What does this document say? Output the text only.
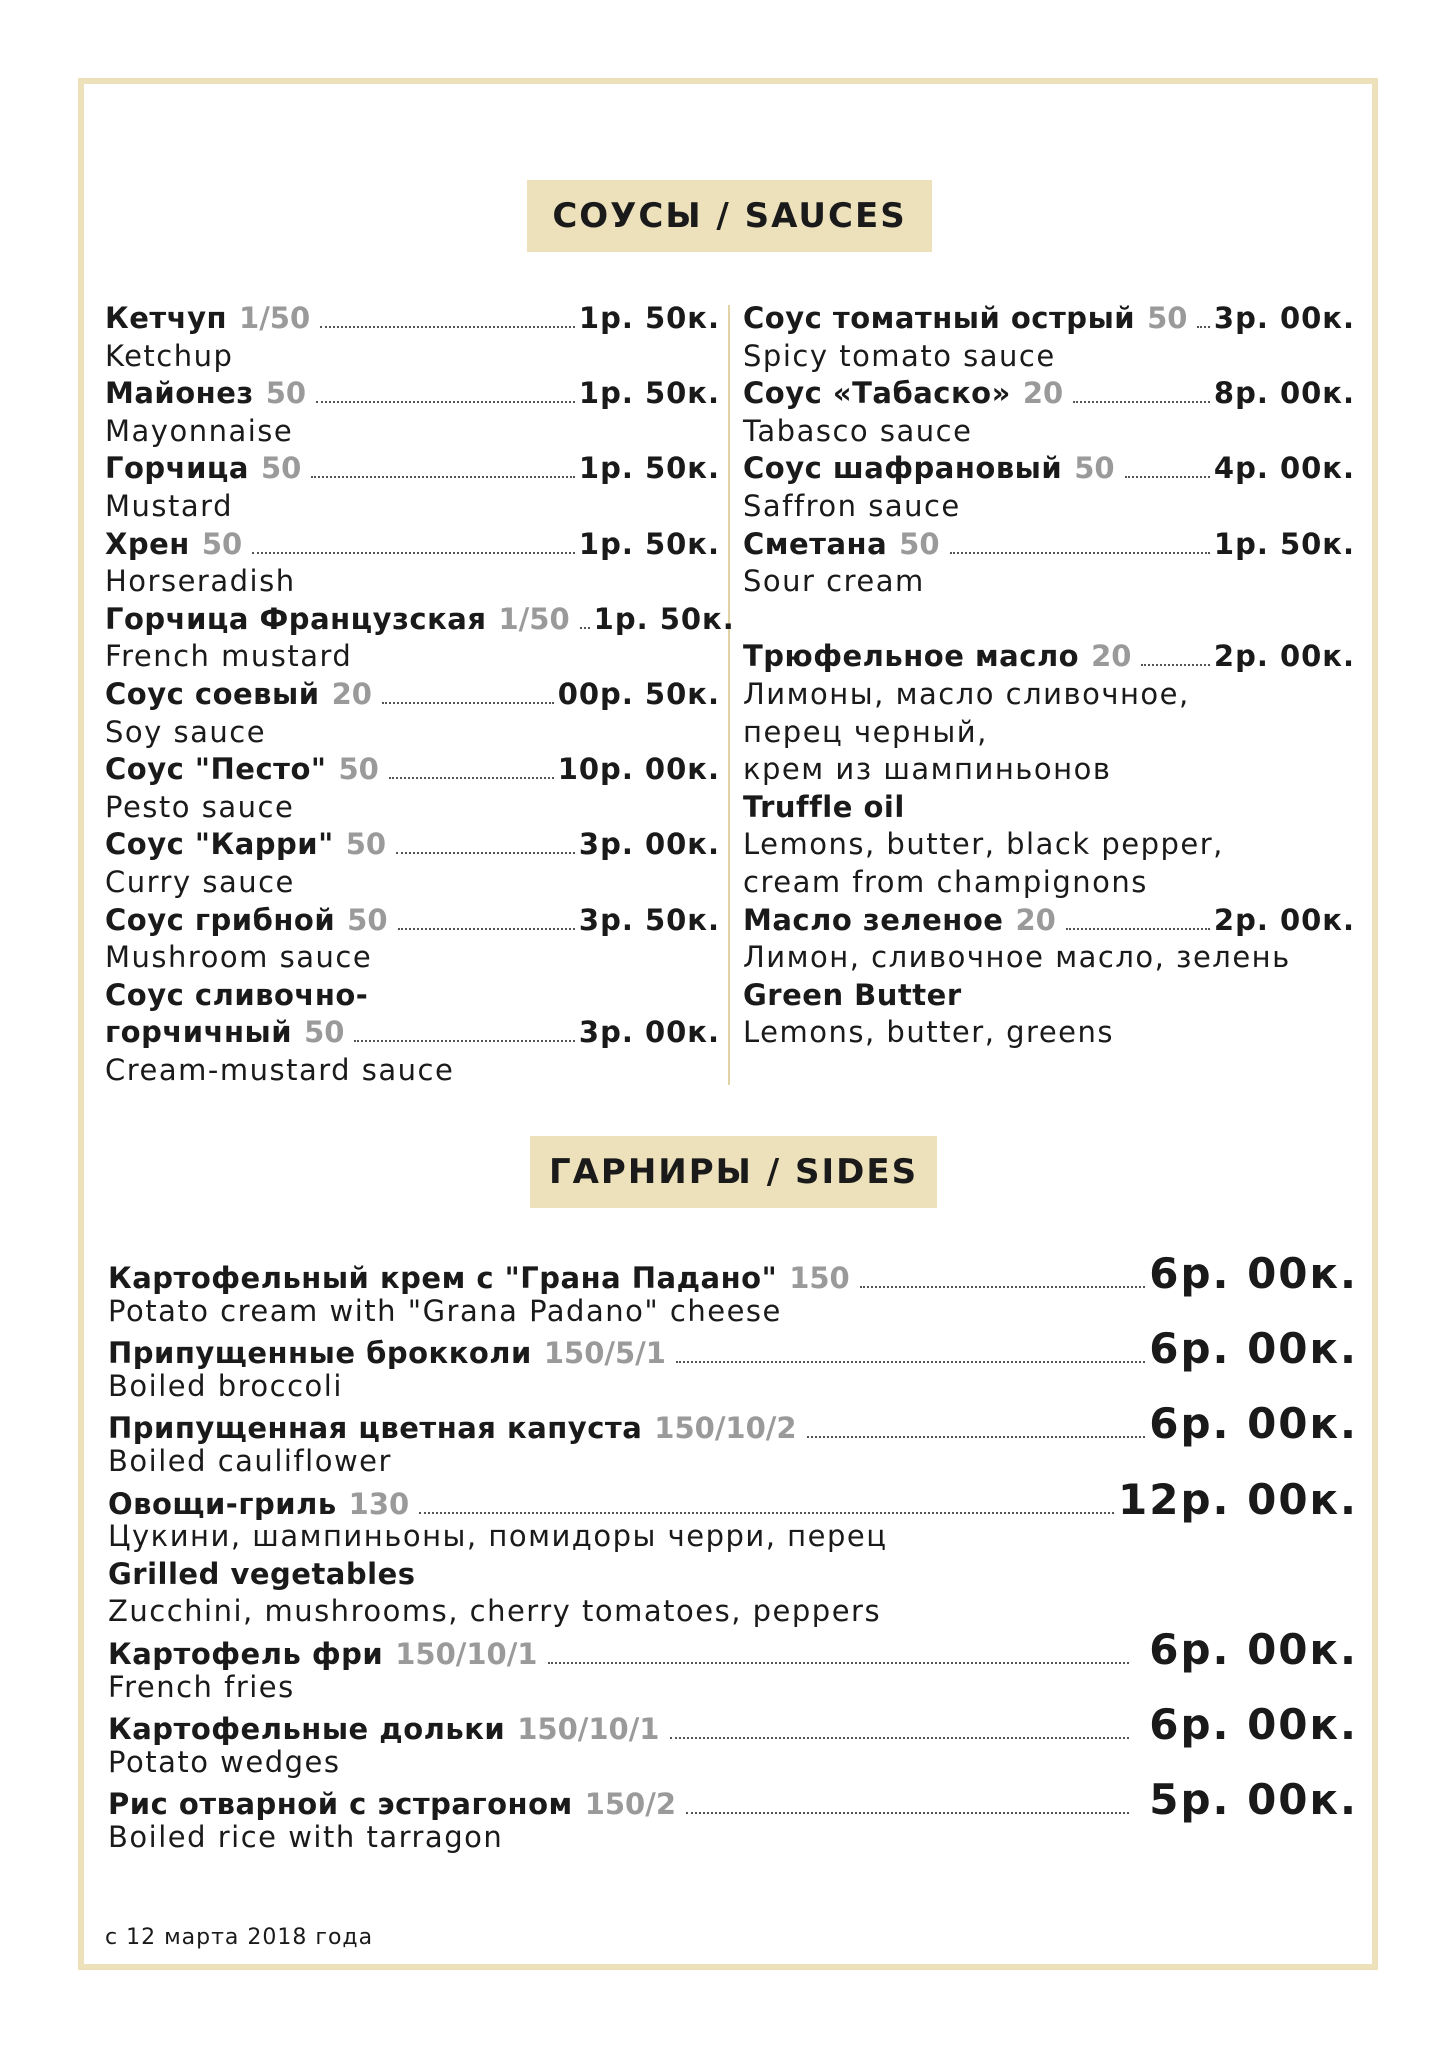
СОУСЫ / SAUCES
Кетчуп 1/50	1р. 50к.
Ketchup
Майонез 50	1р. 50к.
Mayonnaise
Горчица 50	1р. 50к.
Mustard
Хрен 50	1р. 50к.
Horseradish
Горчица Французская 1/50 1р. 50к.
French mustard
Соус соевый 20	00р. 50к.
Soy sauce
Соус "Песто" 50	10р. 00к.
Pesto sauce
Соус "Карри" 50	3р. 00к.
Curry sauce
Соус грибной 50	3р. 50к.
Mushroom sauce
Соус сливочно-
горчичный 50	3р. 00к.
Cream-mustard sauce
Соус томатный острый 50 3р. 00к.
Spicy tomato sauce
Соус «Табаско» 20	8р. 00к.
Tabasco sauce
Соус шафрановый 50	4р. 00к.
Saffron sauce
Сметана 50	1р. 50к.
Sour cream
Трюфельное масло 20	2р. 00к.
Лимоны, масло сливочное,
перец черный,
крем из шампиньонов
Truffle oil
Lemons, butter, black pepper,
cream from champignons
Масло зеленое 20	2р. 00к.
Лимон, сливочное масло, зелень
Green Butter
Lemons, butter, greens
ГАРНИРЫ / SIDES
Картофельный крем с "Грана Падано" 150	6р. 00к.
Potato cream with "Grana Padano" cheese
Припущенные брокколи 150/5/1	6р. 00к.
Boiled broccoli
Припущенная цветная капуста 150/10/2	6р. 00к.
Boiled cauliflower
Овощи-гриль 130	12р. 00к.
Цукини, шампиньоны, помидоры черри, перец
Grilled vegetables
Zucchini, mushrooms, cherry tomatoes, peppers
Картофель фри 150/10/1	6р. 00к.
French fries
Картофельные дольки 150/10/1	6р. 00к.
Potato wedges
Рис отварной с эстрагоном 150/2	5р. 00к.
Boiled rice with tarragon
с 12 марта 2018 года
